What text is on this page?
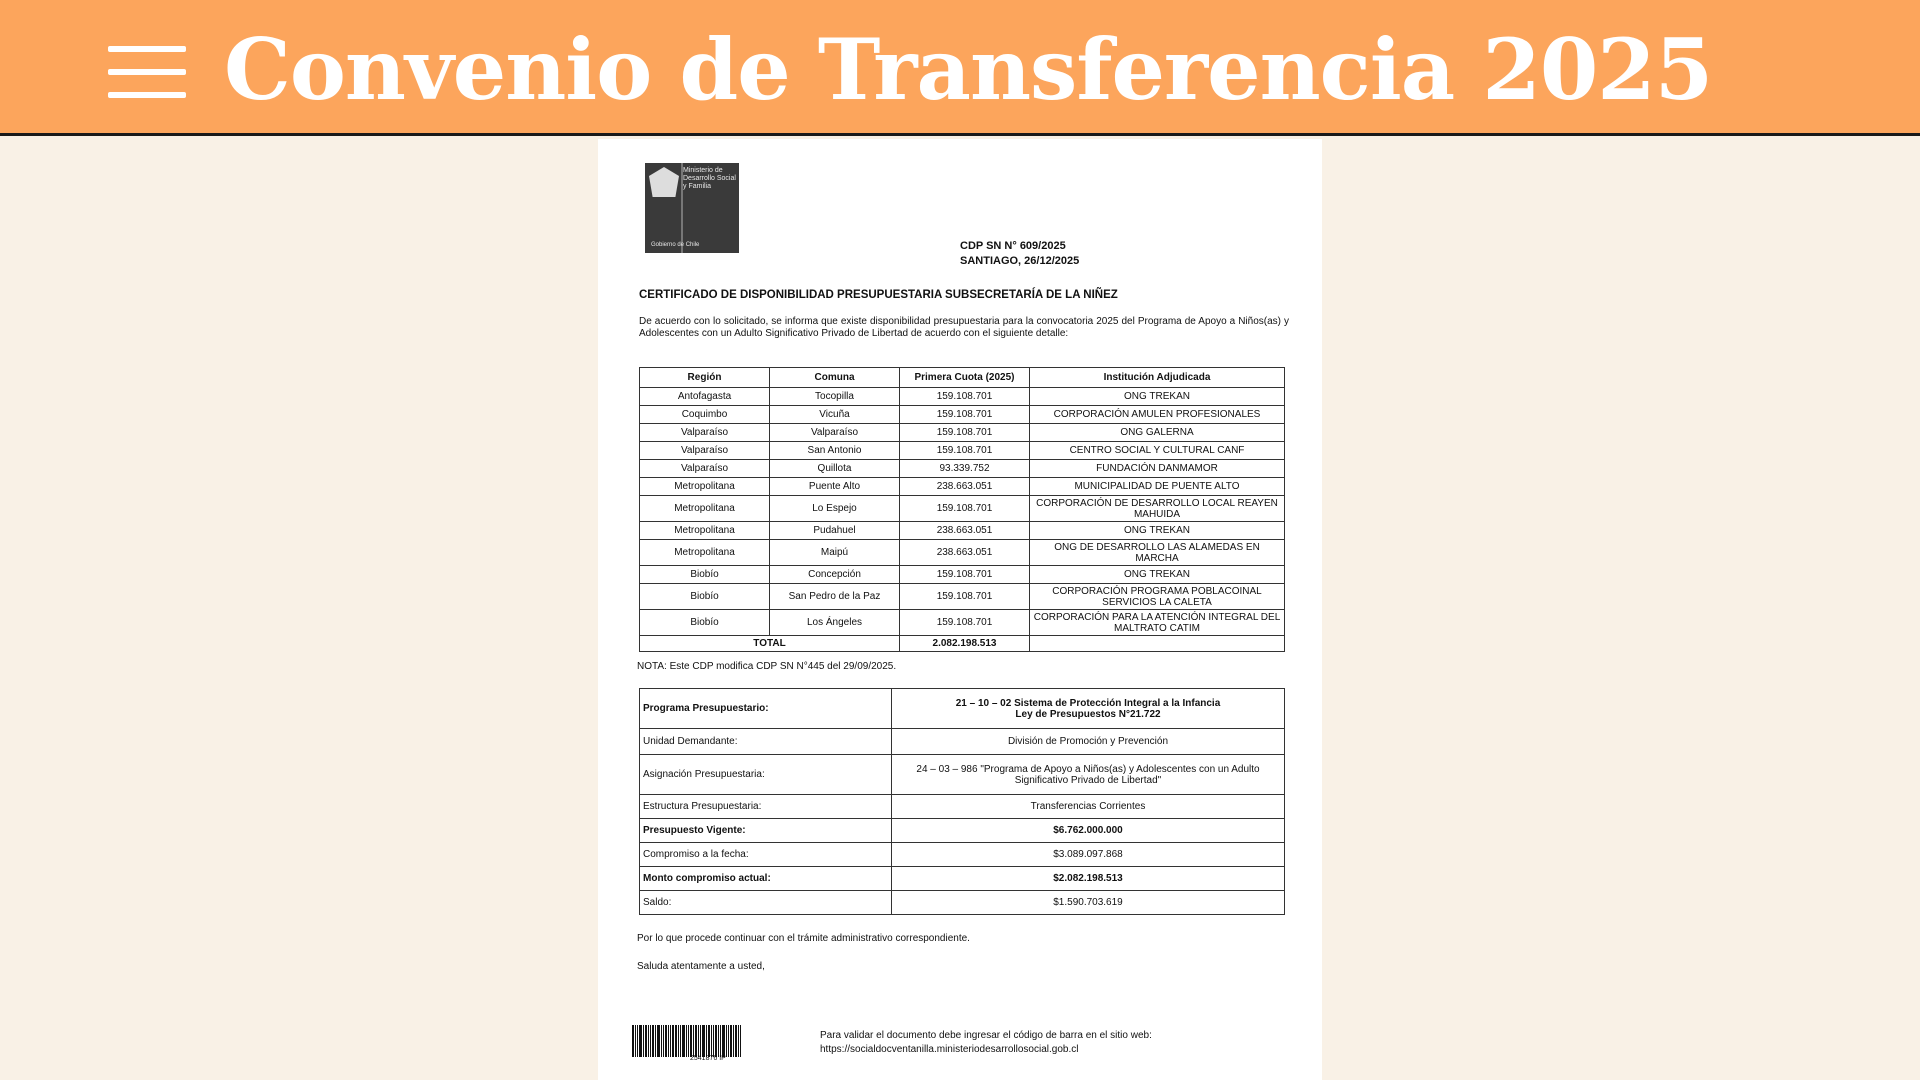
Convenio de Transferencia 2025
Ministerio de Desarrollo Social y Familia
Gobierno de Chile	CDP SN N° 609/2025
SANTIAGO, 26/12/2025
CERTIFICADO DE DISPONIBILIDAD PRESUPUESTARIA SUBSECRETARÍA DE LA NIÑEZ
De acuerdo con lo solicitado, se informa que existe disponibilidad presupuestaria para la convocatoria 2025 del Programa de Apoyo a Niños(as) y Adolescentes con un Adulto Significativo Privado de Libertad de acuerdo con el siguiente detalle:
Región	Comuna	Primera Cuota (2025)	Institución Adjudicada
Antofagasta	Tocopilla	159.108.701	ONG TREKAN
Coquimbo	Vicuña	159.108.701	CORPORACIÓN AMULEN PROFESIONALES
Valparaíso	Valparaíso	159.108.701	ONG GALERNA
Valparaíso	San Antonio	159.108.701	CENTRO SOCIAL Y CULTURAL CANF
Valparaíso	Quillota	93.339.752	FUNDACIÓN DANMAMOR
Metropolitana	Puente Alto	238.663.051	MUNICIPALIDAD DE PUENTE ALTO
Metropolitana	Lo Espejo	159.108.701	CORPORACIÓN DE DESARROLLO LOCAL REAYEN MAHUIDA
Metropolitana	Pudahuel	238.663.051	ONG TREKAN
Metropolitana	Maipú	238.663.051	ONG DE DESARROLLO LAS ALAMEDAS EN MARCHA
Biobío	Concepción	159.108.701	ONG TREKAN
Biobío	San Pedro de la Paz	159.108.701	CORPORACIÓN PROGRAMA POBLACOINAL SERVICIOS LA CALETA
Biobío	Los Ángeles	159.108.701	CORPORACIÓN PARA LA ATENCIÓN INTEGRAL DEL MALTRATO CATIM
TOTAL		2.082.198.513	
NOTA: Este CDP modifica CDP SN N°445 del 29/09/2025.
Programa Presupuestario:	21 – 10 – 02 Sistema de Protección Integral a la Infancia
Ley de Presupuestos N°21.722
Unidad Demandante:	División de Promoción y Prevención
Asignación Presupuestaria:	24 – 03 – 986 "Programa de Apoyo a Niños(as) y Adolescentes con un Adulto Significativo Privado de Libertad"
Estructura Presupuestaria:	Transferencias Corrientes
Presupuesto Vigente:	$6.762.000.000
Compromiso a la fecha:	$3.089.097.868
Monto compromiso actual:	$2.082.198.513
Saldo:	$1.590.703.619
Por lo que procede continuar con el trámite administrativo correspondiente.
Saluda atentamente a usted,
2541876 IP
Para validar el documento debe ingresar el código de barra en el sitio web:
https://socialdocventanilla.ministeriodesarrollosocial.gob.cl
